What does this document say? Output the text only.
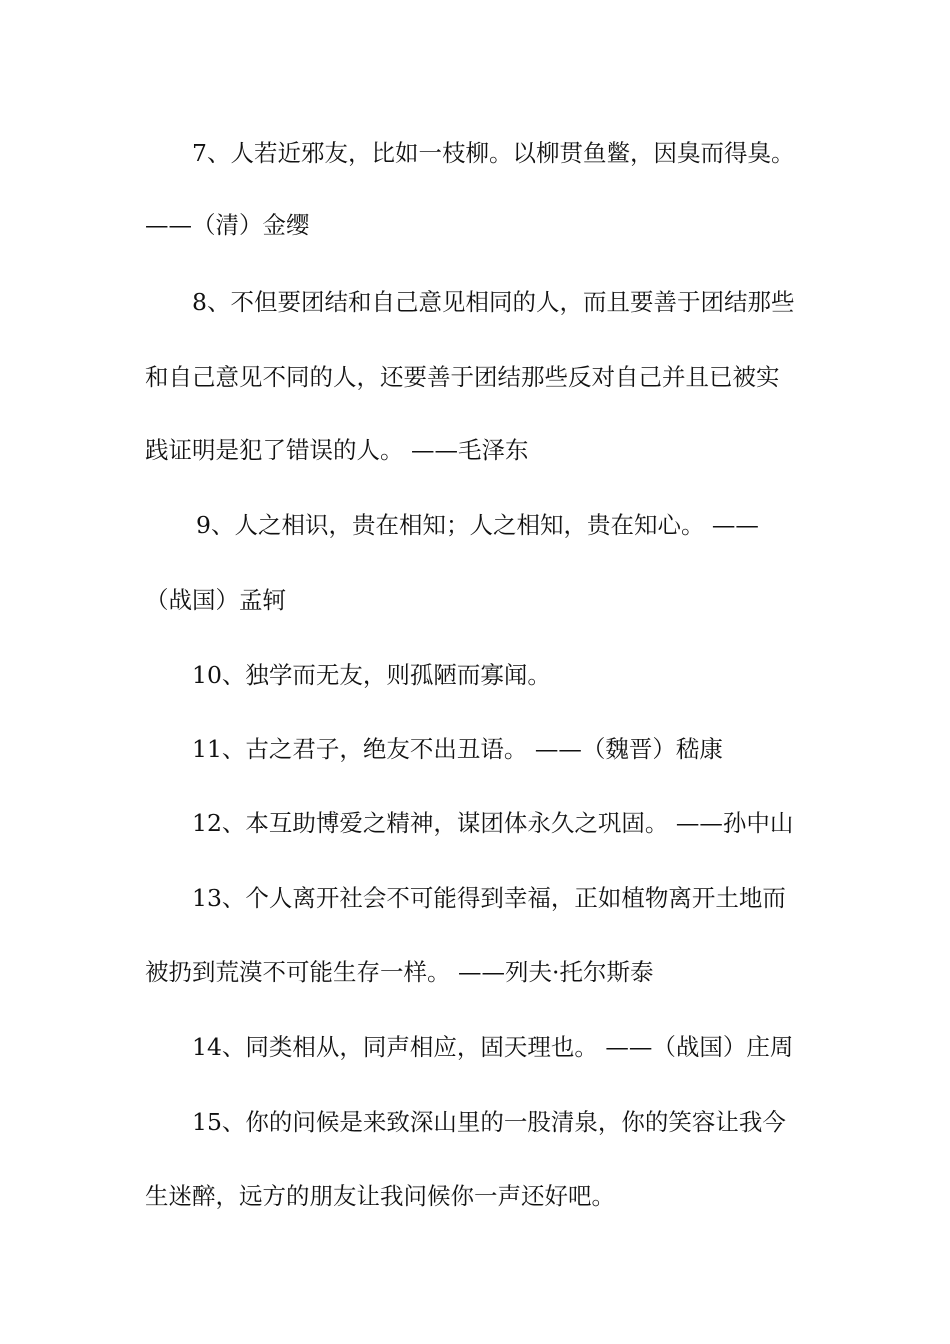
7、人若近邪友，比如一枝柳。以柳贯鱼鳖，因臭而得臭。
——（清）金缨
8、不但要团结和自己意见相同的人，而且要善于团结那些
和自己意见不同的人，还要善于团结那些反对自己并且已被实
践证明是犯了错误的人。 ——毛泽东
9、人之相识，贵在相知；人之相知，贵在知心。 ——
（战国）孟轲
10、独学而无友，则孤陋而寡闻。
11、古之君子，绝友不出丑语。 ——（魏晋）嵇康
12、本互助博爱之精神，谋团体永久之巩固。 ——孙中山
13、个人离开社会不可能得到幸福，正如植物离开土地而
被扔到荒漠不可能生存一样。 ——列夫·托尔斯泰
14、同类相从，同声相应，固天理也。 ——（战国）庄周
15、你的问候是来致深山里的一股清泉，你的笑容让我今
生迷醉，远方的朋友让我问候你一声还好吧。
